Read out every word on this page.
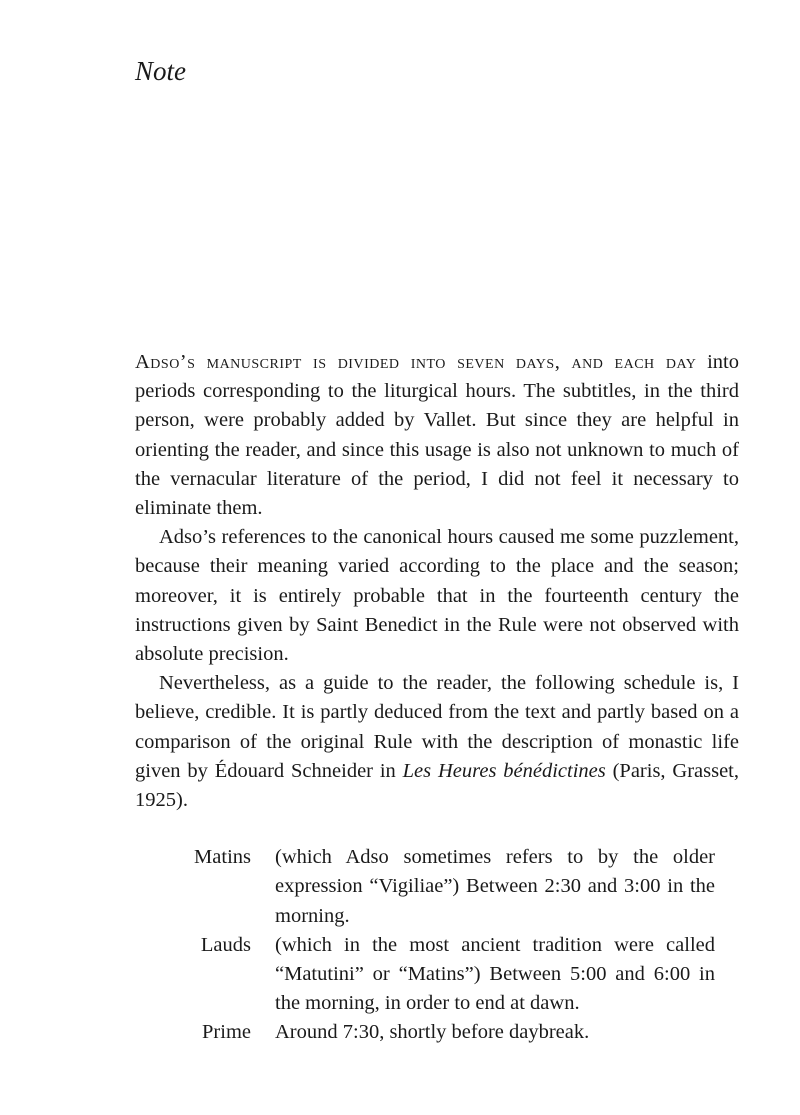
Note

Adso’s manuscript is divided into seven days, and each day into periods corresponding to the liturgical hours. The subtitles, in the third person, were probably added by Vallet. But since they are helpful in orienting the reader, and since this usage is also not unknown to much of the vernacular literature of the period, I did not feel it necessary to eliminate them.

Adso’s references to the canonical hours caused me some puzzlement, because their meaning varied according to the place and the season; moreover, it is entirely probable that in the fourteenth century the instructions given by Saint Benedict in the Rule were not observed with absolute precision.

Nevertheless, as a guide to the reader, the following schedule is, I believe, credible. It is partly deduced from the text and partly based on a comparison of the original Rule with the description of monastic life given by Édouard Schneider in Les Heures bénédictines (Paris, Grasset, 1925).

Matins	(which Adso sometimes refers to by the older expression “Vigiliae”) Between 2:30 and 3:00 in the morning.
Lauds	(which in the most ancient tradition were called “Matutini” or “Matins”) Between 5:00 and 6:00 in the morning, in order to end at dawn.
Prime	Around 7:30, shortly before daybreak.
